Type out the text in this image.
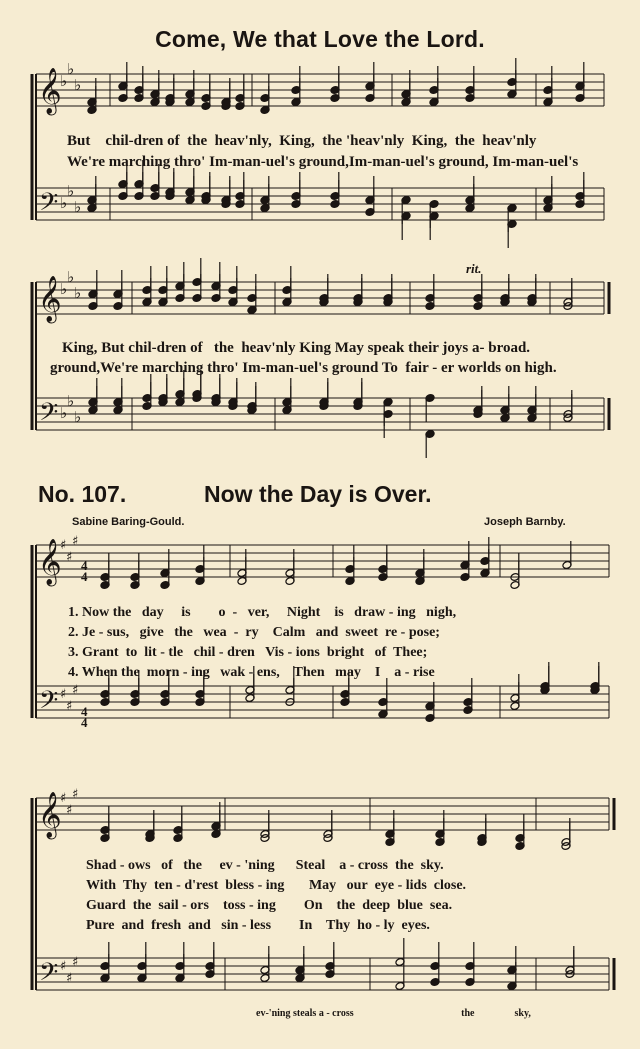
Come, We that Love the Lord.
𝄞
𝄢
♭
♭
♭
♭
♭
♭
𝄞
𝄢
♭
♭
♭
♭
♭
♭
𝄞
𝄢
♯
♯
♯
♯
♯
♯
𝄞
𝄢
♯
♯
♯
♯
♯
♯
But chil-dren of the heav'nly, King, the 'heav'nly King, the heav'nly
We're marching thro' Im-man-uel's ground,Im-man-uel's ground, Im-man-uel's
rit.
King, But chil-dren of the heav'nly King May speak their joys a- broad.
ground,We're marching thro' Im-man-uel's ground To fair - er worlds on high.
No. 107.	Now the Day is Over.
Sabine Baring-Gould.	Joseph Barnby.
1. Now the day is o - ver, Night is draw - ing nigh,
2. Je - sus, give the wea - ry Calm and sweet re - pose;
3. Grant to lit - tle chil - dren Vis - ions bright of Thee;
4. When the morn - ing wak - ens, Then may I a - rise
Shad - ows of the ev - 'ning Steal a - cross the sky.
With Thy ten - d'rest bless - ing May our eye - lids close.
Guard the sail - ors toss - ing On the deep blue sea.
Pure and fresh and sin - less In Thy ho - ly eyes.
ev-'ning steals a - cross	the	sky,
4
4
4
4
